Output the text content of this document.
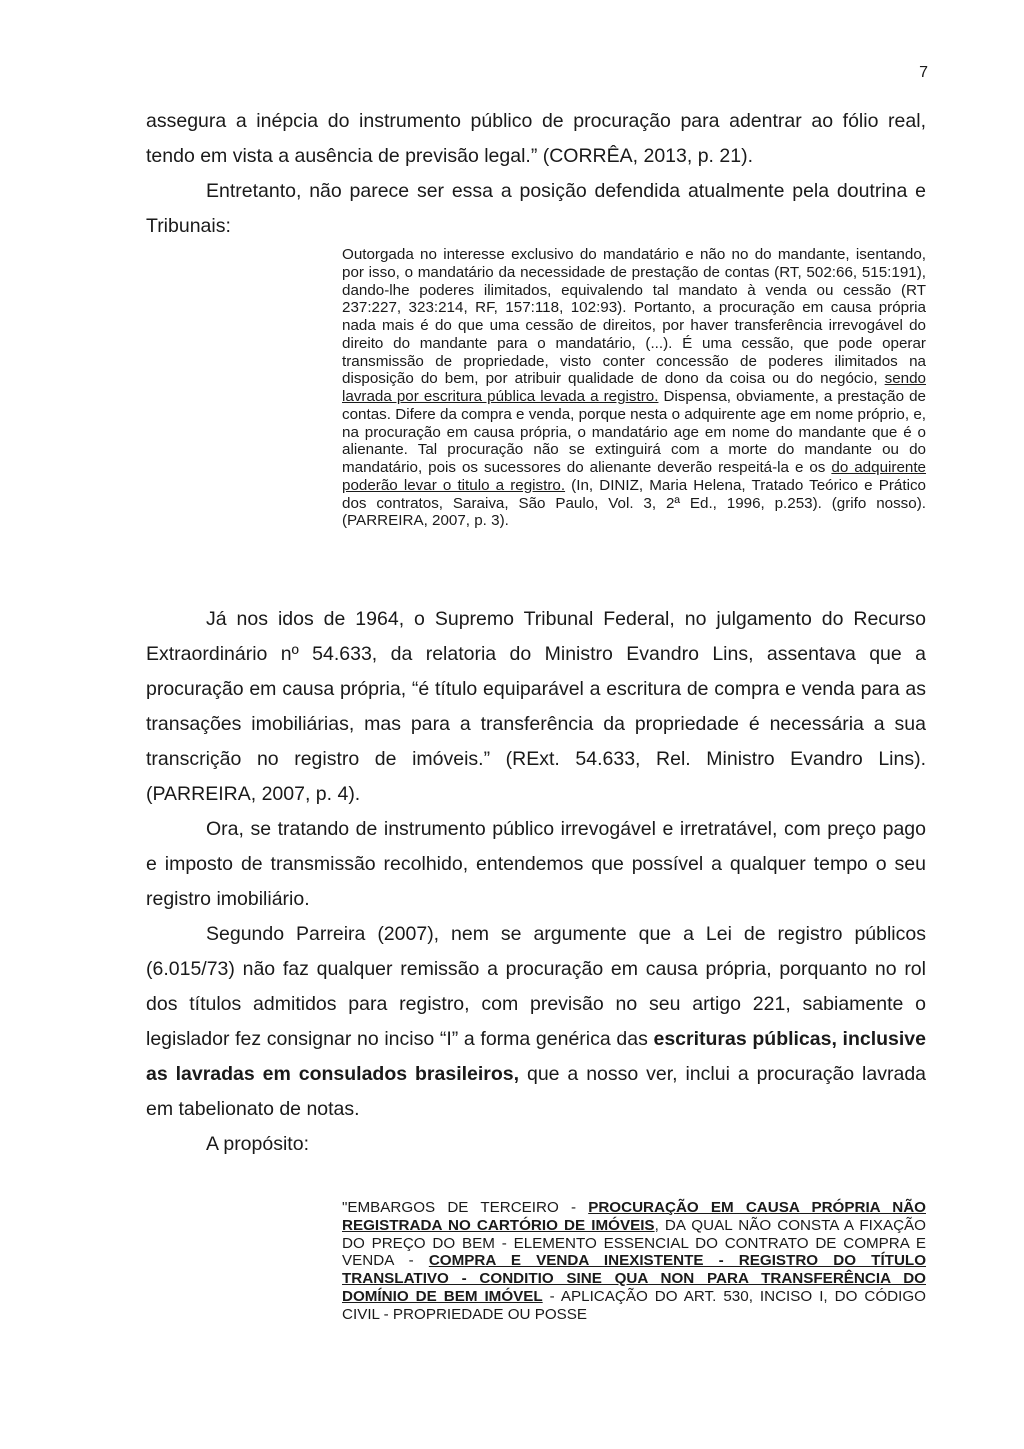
7

assegura a inépcia do instrumento público de procuração para adentrar ao fólio real, tendo em vista a ausência de previsão legal.” (CORRÊA, 2013, p. 21).

Entretanto, não parece ser essa a posição defendida atualmente pela doutrina e Tribunais:

Outorgada no interesse exclusivo do mandatário e não no do mandante, isentando, por isso, o mandatário da necessidade de prestação de contas (RT, 502:66, 515:191), dando-lhe poderes ilimitados, equivalendo tal mandato à venda ou cessão (RT 237:227, 323:214, RF, 157:118, 102:93). Portanto, a procuração em causa própria nada mais é do que uma cessão de direitos, por haver transferência irrevogável do direito do mandante para o mandatário, (...). É uma cessão, que pode operar transmissão de propriedade, visto conter concessão de poderes ilimitados na disposição do bem, por atribuir qualidade de dono da coisa ou do negócio, sendo lavrada por escritura pública levada a registro. Dispensa, obviamente, a prestação de contas. Difere da compra e venda, porque nesta o adquirente age em nome próprio, e, na procuração em causa própria, o mandatário age em nome do mandante que é o alienante. Tal procuração não se extinguirá com a morte do mandante ou do mandatário, pois os sucessores do alienante deverão respeitá-la e os do adquirente poderão levar o titulo a registro. (In, DINIZ, Maria Helena, Tratado Teórico e Prático dos contratos, Saraiva, São Paulo, Vol. 3, 2ª Ed., 1996, p.253). (grifo nosso). (PARREIRA, 2007, p. 3).

Já nos idos de 1964, o Supremo Tribunal Federal, no julgamento do Recurso Extraordinário nº 54.633, da relatoria do Ministro Evandro Lins, assentava que a procuração em causa própria, “é título equiparável a escritura de compra e venda para as transações imobiliárias, mas para a transferência da propriedade é necessária a sua transcrição no registro de imóveis.” (RExt. 54.633, Rel. Ministro Evandro Lins). (PARREIRA, 2007, p. 4).

Ora, se tratando de instrumento público irrevogável e irretratável, com preço pago e imposto de transmissão recolhido, entendemos que possível a qualquer tempo o seu registro imobiliário.

Segundo Parreira (2007), nem se argumente que a Lei de registro públicos (6.015/73) não faz qualquer remissão a procuração em causa própria, porquanto no rol dos títulos admitidos para registro, com previsão no seu artigo 221, sabiamente o legislador fez consignar no inciso “I” a forma genérica das escrituras públicas, inclusive as lavradas em consulados brasileiros, que a nosso ver, inclui a procuração lavrada em tabelionato de notas.

A propósito:

"EMBARGOS DE TERCEIRO - PROCURAÇÃO EM CAUSA PRÓPRIA NÃO REGISTRADA NO CARTÓRIO DE IMÓVEIS, DA QUAL NÃO CONSTA A FIXAÇÃO DO PREÇO DO BEM - ELEMENTO ESSENCIAL DO CONTRATO DE COMPRA E VENDA - COMPRA E VENDA INEXISTENTE - REGISTRO DO TÍTULO TRANSLATIVO - CONDITIO SINE QUA NON PARA TRANSFERÊNCIA DO DOMÍNIO DE BEM IMÓVEL - APLICAÇÃO DO ART. 530, INCISO I, DO CÓDIGO CIVIL - PROPRIEDADE OU POSSE
